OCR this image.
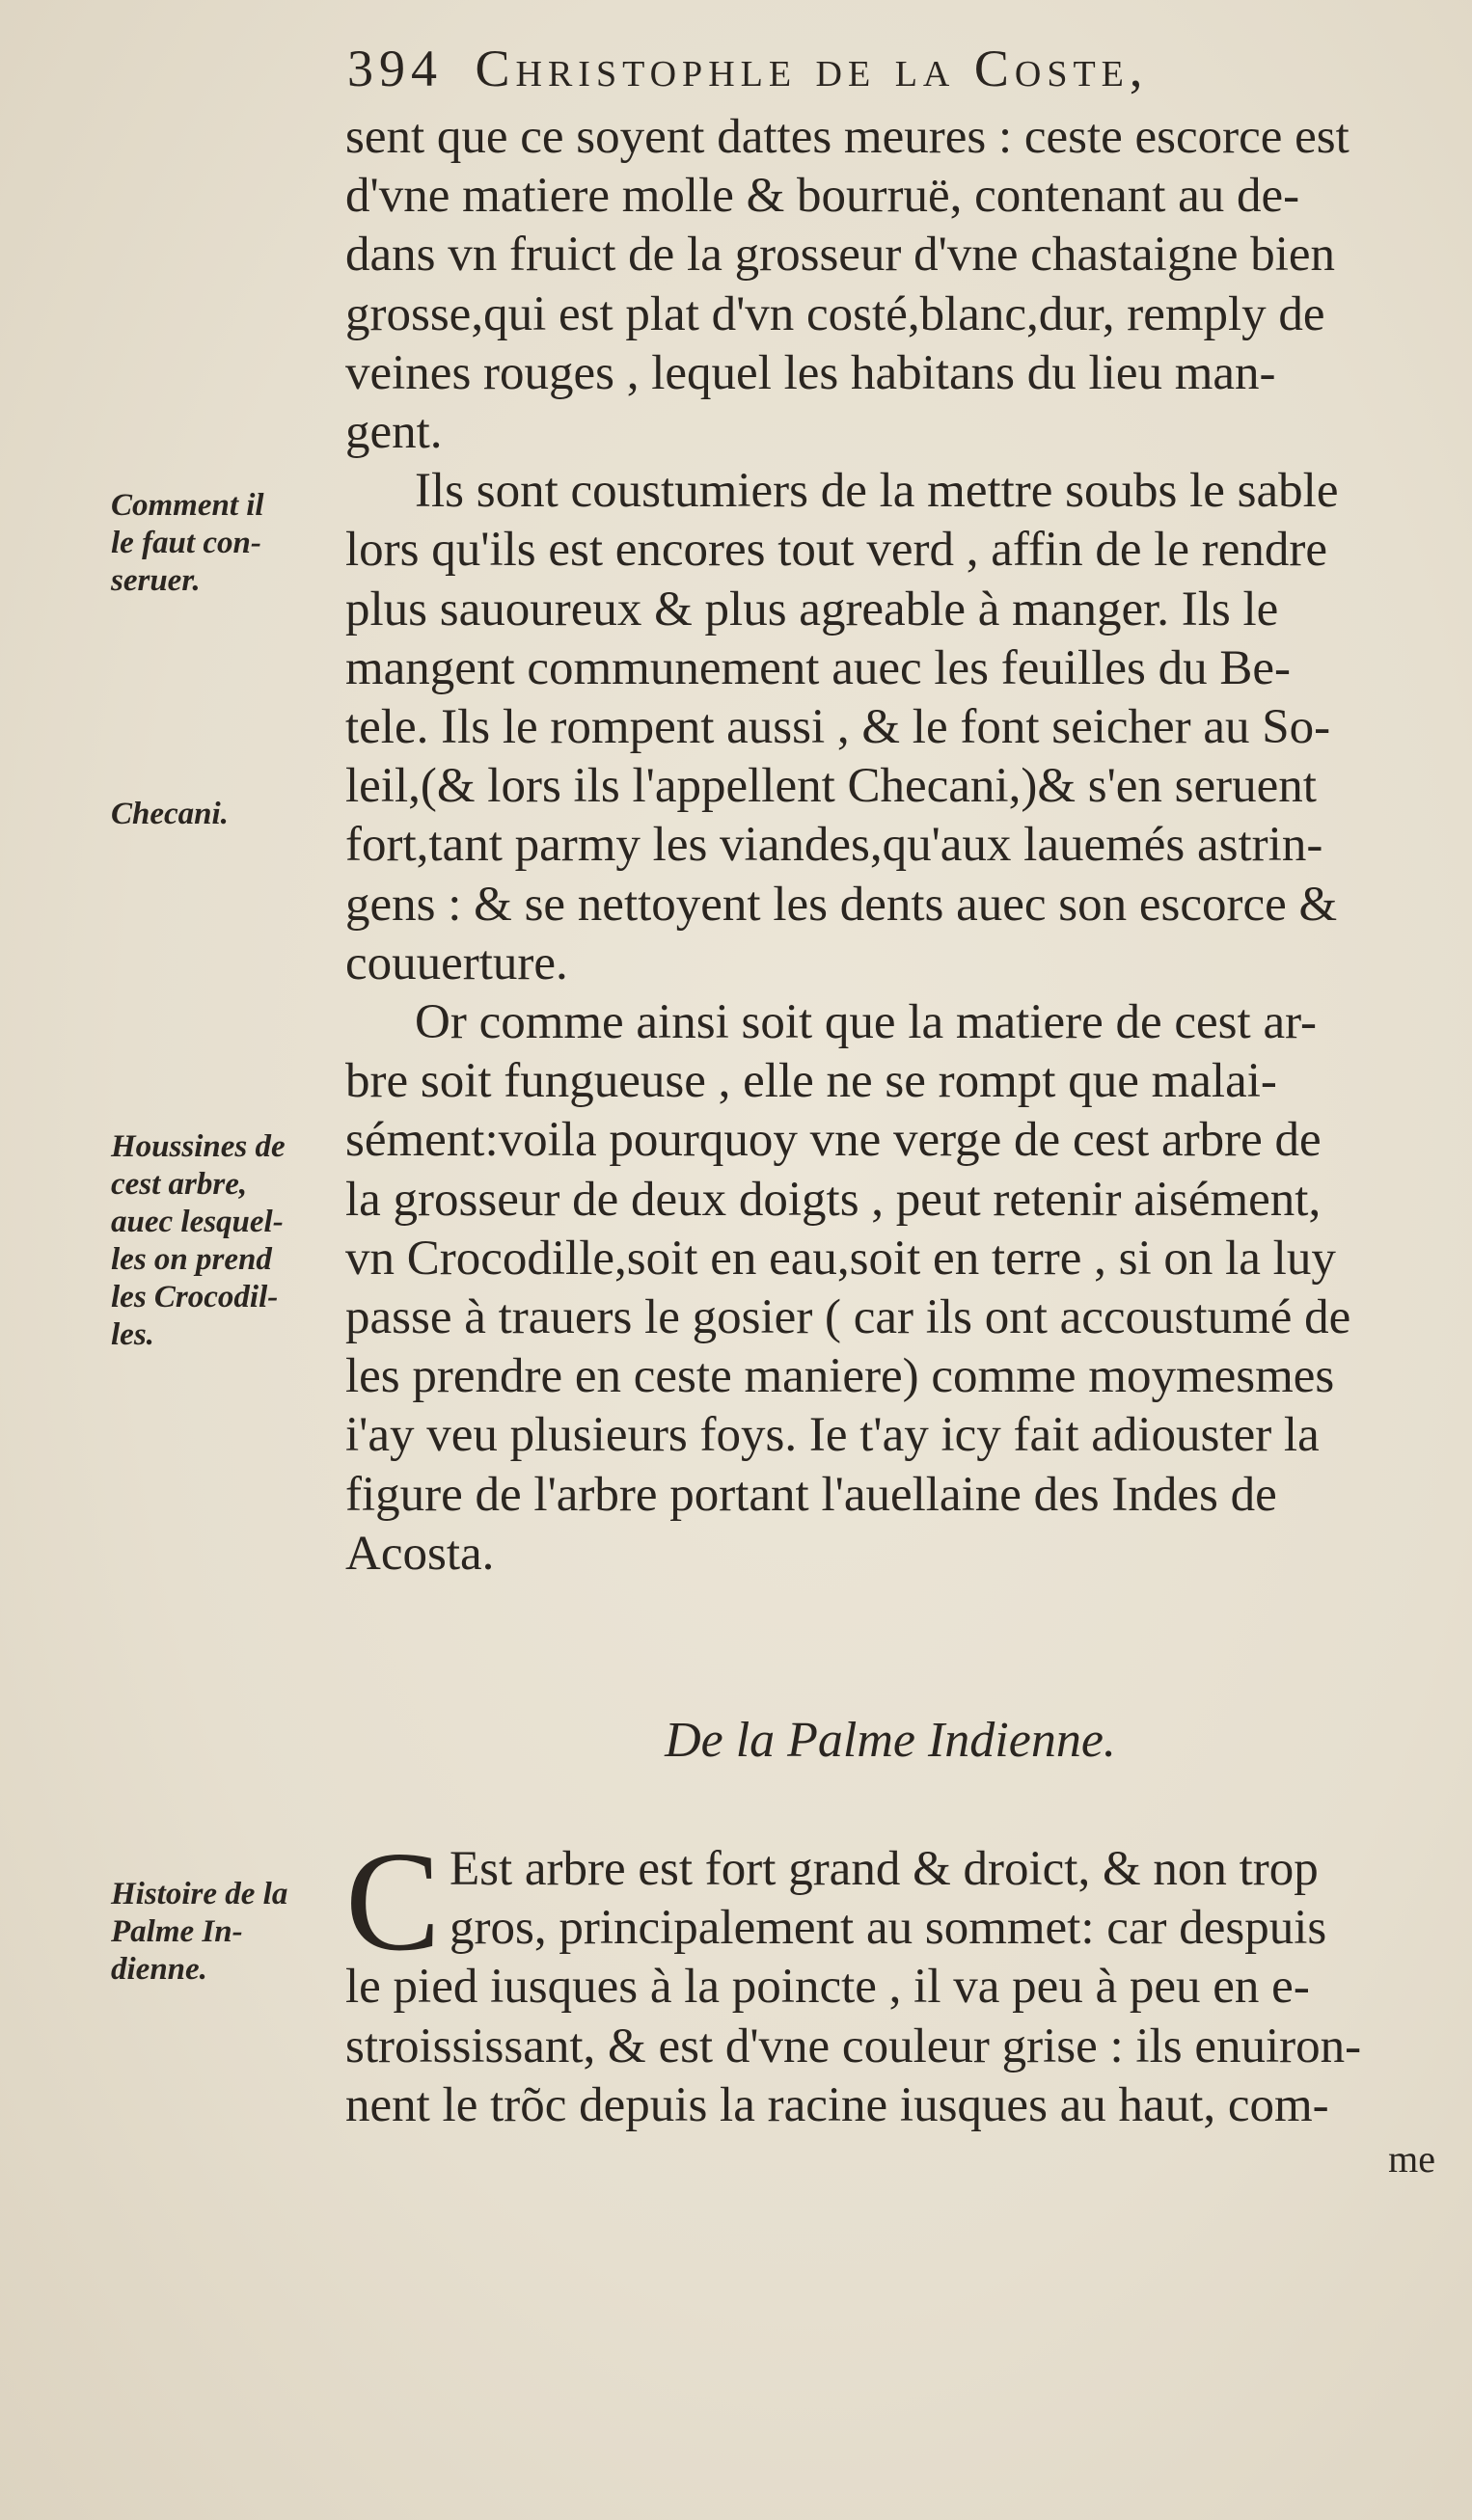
394 Christophle de la Coste,
Comment il
le faut con-
seruer.
Checani.
Houssines de
cest arbre,
auec lesquel-
les on prend
les Crocodil-
les.
Histoire de la
Palme In-
dienne.
sent que ce soyent dattes meures : ceste escorce est
d'vne matiere molle & bourruë, contenant au de-
dans vn fruict de la grosseur d'vne chastaigne bien
grosse,qui est plat d'vn costé,blanc,dur, remply de
veines rouges , lequel les habitans du lieu man-
gent.
Ils sont coustumiers de la mettre soubs le sable
lors qu'ils est encores tout verd , affin de le rendre
plus sauoureux & plus agreable à manger. Ils le
mangent communement auec les feuilles du Be-
tele. Ils le rompent aussi , & le font seicher au So-
leil,(& lors ils l'appellent Checani,)& s'en seruent
fort,tant parmy les viandes,qu'aux lauemés astrin-
gens : & se nettoyent les dents auec son escorce &
couuerture.
Or comme ainsi soit que la matiere de cest ar-
bre soit fungueuse , elle ne se rompt que malai-
sément:voila pourquoy vne verge de cest arbre de
la grosseur de deux doigts , peut retenir aisément,
vn Crocodille,soit en eau,soit en terre , si on la luy
passe à trauers le gosier ( car ils ont accoustumé de
les prendre en ceste maniere) comme moymesmes
i'ay veu plusieurs foys. Ie t'ay icy fait adiouster la
figure de l'arbre portant l'auellaine des Indes de
Acosta.
De la Palme Indienne.
C Est arbre est fort grand & droict, & non trop
gros, principalement au sommet: car despuis
le pied iusques à la poincte , il va peu à peu en e-
stroississant, & est d'vne couleur grise : ils enuiron-
nent le trõc depuis la racine iusques au haut, com-
me
